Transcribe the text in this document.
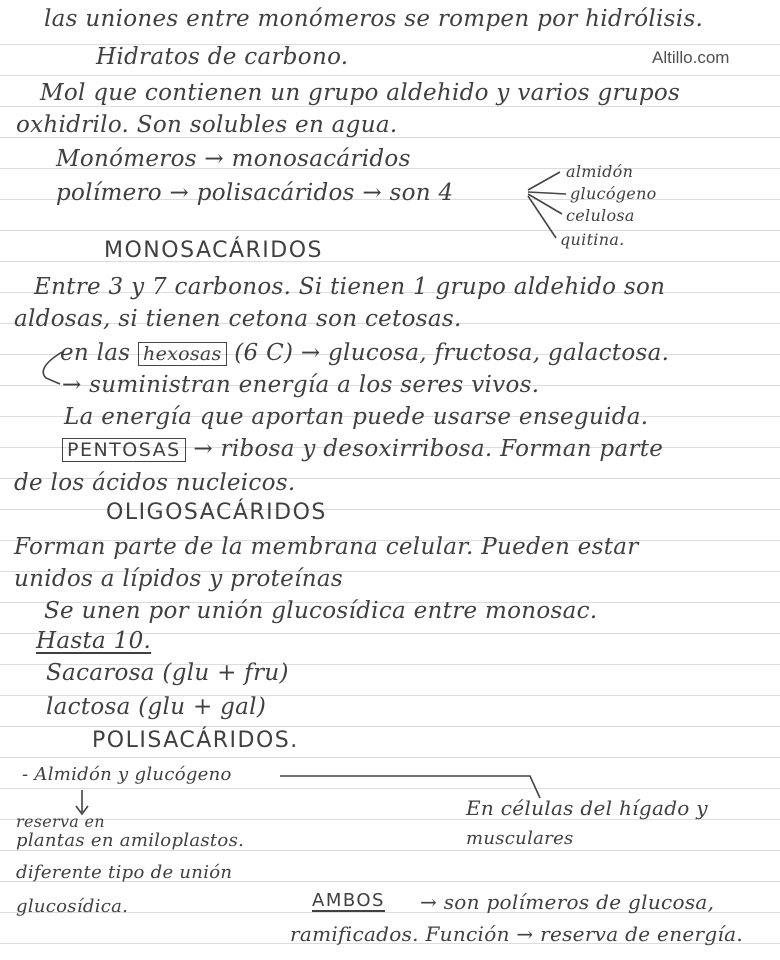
Altillo.com
las uniones entre monómeros se rompen por hidrólisis.
Hidratos de carbono.
Mol que contienen un grupo aldehido y varios grupos
oxhidrilo. Son solubles en agua.
Monómeros → monosacáridos
polímero → polisacáridos → son 4
almidón
glucógeno
celulosa
quitina.
MONOSACÁRIDOS
Entre 3 y 7 carbonos. Si tienen 1 grupo aldehido son
aldosas, si tienen cetona son cetosas.
en las hexosas (6 C) → glucosa, fructosa, galactosa.
→ suministran energía a los seres vivos.
La energía que aportan puede usarse enseguida.
PENTOSAS → ribosa y desoxirribosa. Forman parte
de los ácidos nucleicos.
OLIGOSACÁRIDOS
Forman parte de la membrana celular. Pueden estar
unidos a lípidos y proteínas
Se unen por unión glucosídica entre monosac.
Hasta 10.
Sacarosa (glu + fru)
lactosa (glu + gal)
POLISACÁRIDOS.
- Almidón y glucógeno
reserva en
En células del hígado y
plantas en amiloplastos.	musculares
diferente tipo de unión
glucosídica.	AMBOS → son polímeros de glucosa,
ramificados. Función → reserva de energía.
